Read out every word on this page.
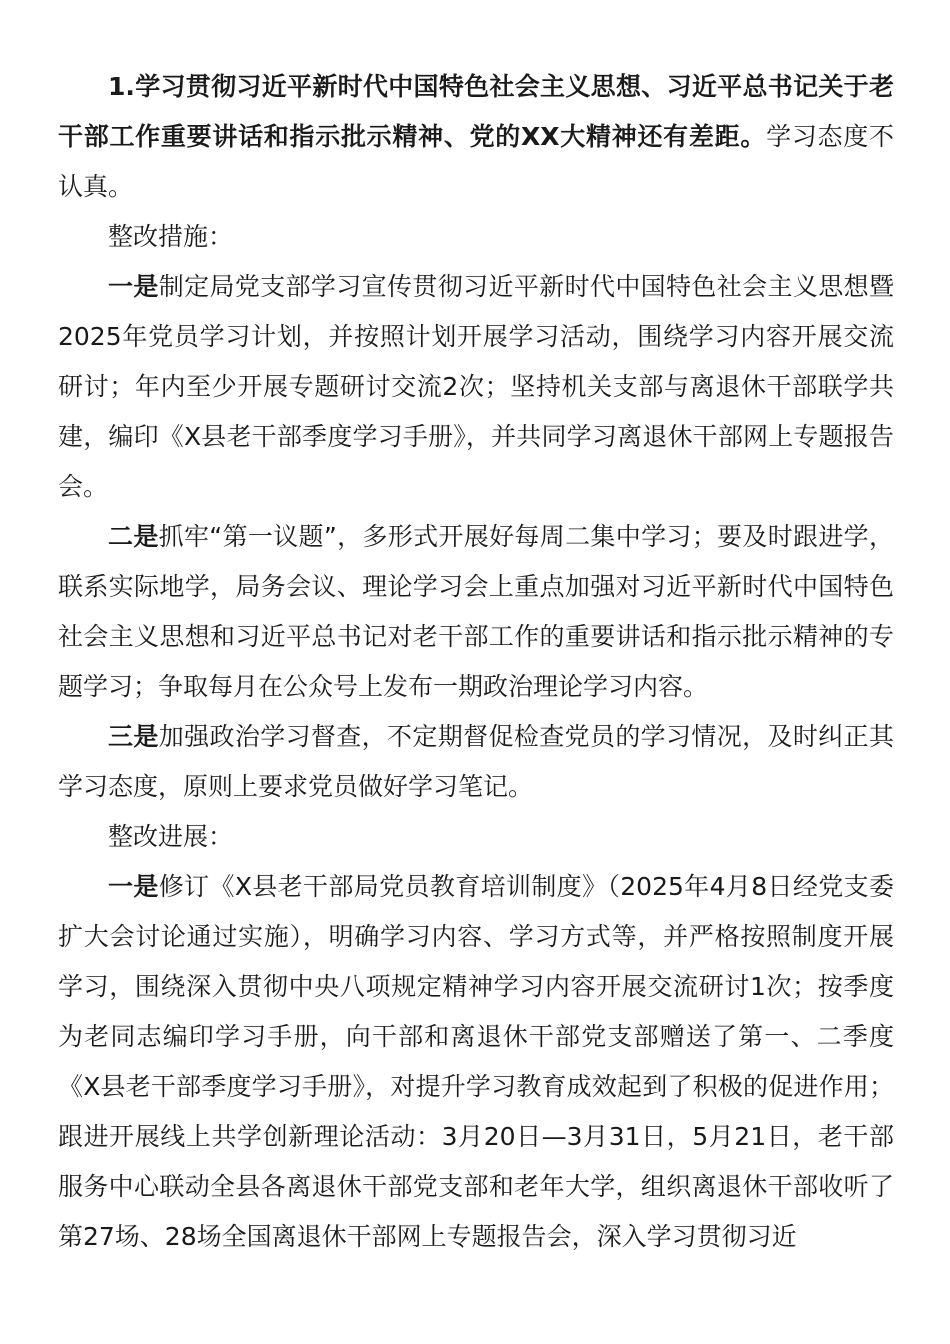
1.学习贯彻习近平新时代中国特色社会主义思想、习近平总书记关于老干部工作重要讲话和指示批示精神、党的XX大精神还有差距。学习态度不认真。

整改措施：

一是制定局党支部学习宣传贯彻习近平新时代中国特色社会主义思想暨2025年党员学习计划，并按照计划开展学习活动，围绕学习内容开展交流研讨；年内至少开展专题研讨交流2次；坚持机关支部与离退休干部联学共建，编印《X县老干部季度学习手册》，并共同学习离退休干部网上专题报告会。

二是抓牢“第一议题”，多形式开展好每周二集中学习；要及时跟进学，联系实际地学，局务会议、理论学习会上重点加强对习近平新时代中国特色社会主义思想和习近平总书记对老干部工作的重要讲话和指示批示精神的专题学习；争取每月在公众号上发布一期政治理论学习内容。

三是加强政治学习督查，不定期督促检查党员的学习情况，及时纠正其学习态度，原则上要求党员做好学习笔记。

整改进展：

一是修订《X县老干部局党员教育培训制度》（2025年4月8日经党支委扩大会讨论通过实施），明确学习内容、学习方式等，并严格按照制度开展学习，围绕深入贯彻中央八项规定精神学习内容开展交流研讨1次；按季度为老同志编印学习手册，向干部和离退休干部党支部赠送了第一、二季度《X县老干部季度学习手册》，对提升学习教育成效起到了积极的促进作用；跟进开展线上共学创新理论活动：3月20日—3月31日，5月21日，老干部服务中心联动全县各离退休干部党支部和老年大学，组织离退休干部收听了第27场、28场全国离退休干部网上专题报告会，深入学习贯彻习近
